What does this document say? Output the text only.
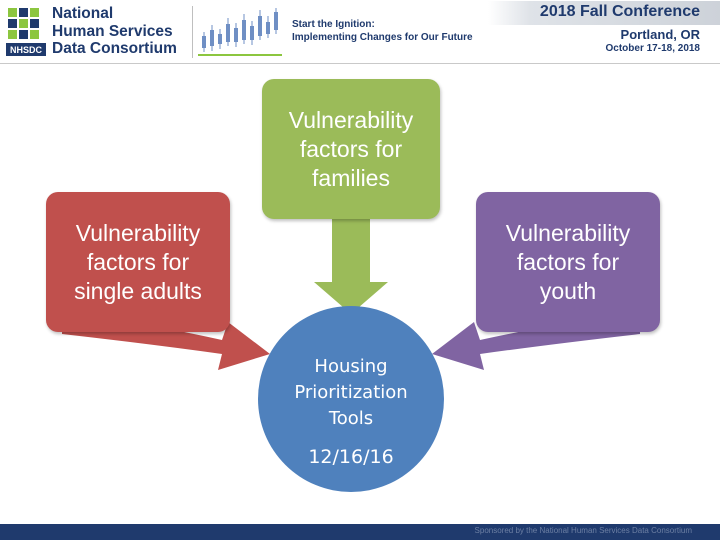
NHSDC
National
Human Services
Data Consortium
Start the Ignition:
Implementing Changes for Our Future
2018 Fall Conference
Portland, OR
October 17-18, 2018
Vulnerability
factors for
families
Vulnerability
factors for
single adults
Vulnerability
factors for
youth
Housing
Prioritization
Tools
12/16/16
Sponsored by the National Human Services Data Consortium
